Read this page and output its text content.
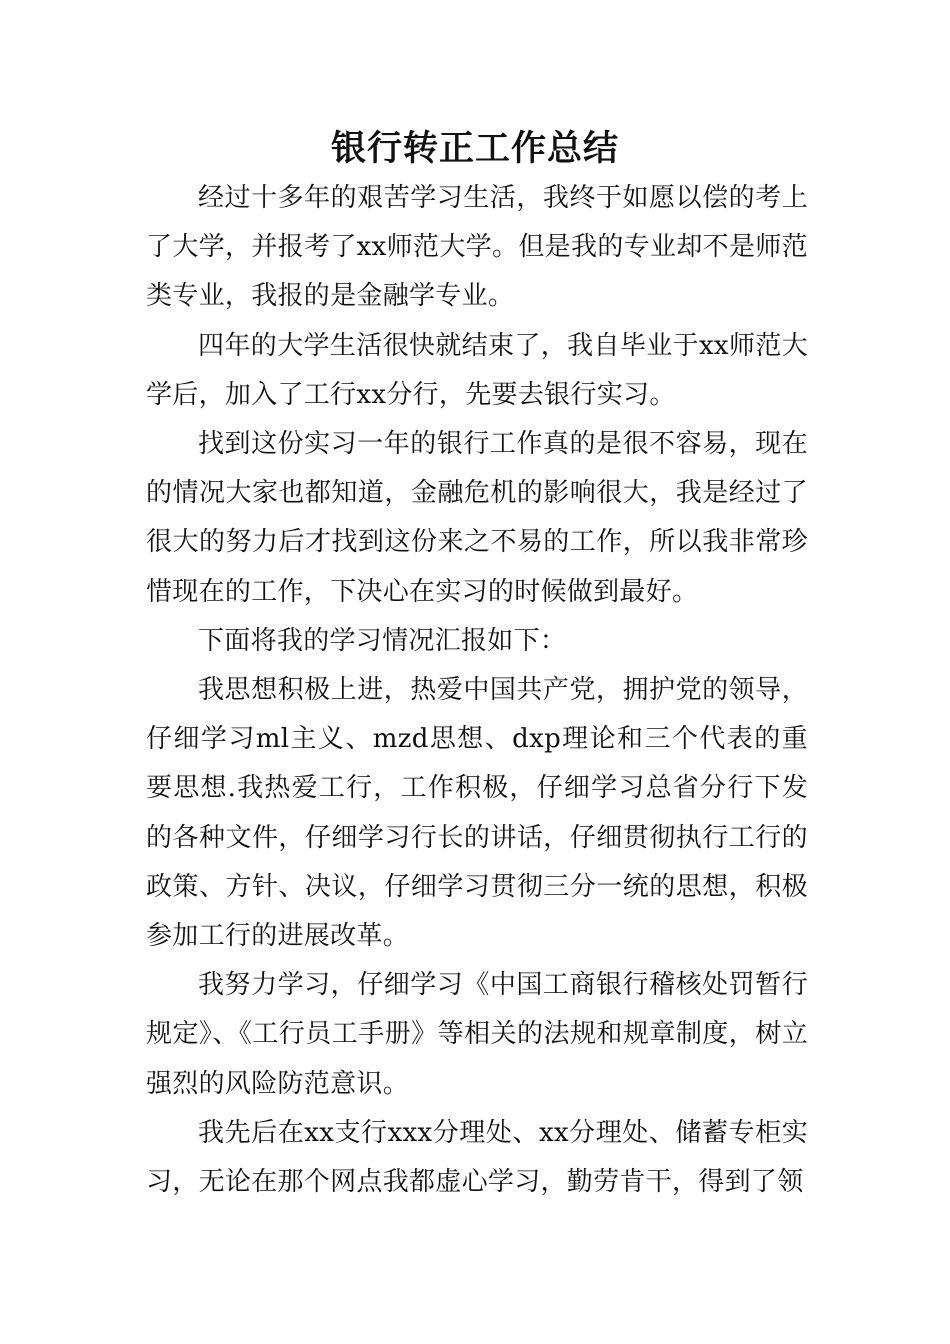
银行转正工作总结

经过十多年的艰苦学习生活，我终于如愿以偿的考上了大学，并报考了xx师范大学。但是我的专业却不是师范类专业，我报的是金融学专业。

四年的大学生活很快就结束了，我自毕业于xx师范大学后，加入了工行xx分行，先要去银行实习。

找到这份实习一年的银行工作真的是很不容易，现在的情况大家也都知道，金融危机的影响很大，我是经过了很大的努力后才找到这份来之不易的工作，所以我非常珍惜现在的工作，下决心在实习的时候做到最好。

下面将我的学习情况汇报如下：

我思想积极上进，热爱中国共产党，拥护党的领导，仔细学习ml主义、mzd思想、dxp理论和三个代表的重要思想.我热爱工行，工作积极，仔细学习总省分行下发的各种文件，仔细学习行长的讲话，仔细贯彻执行工行的政策、方针、决议，仔细学习贯彻三分一统的思想，积极参加工行的进展改革。

我努力学习，仔细学习《中国工商银行稽核处罚暂行规定》、《工行员工手册》等相关的法规和规章制度，树立强烈的风险防范意识。

我先后在xx支行xxx分理处、xx分理处、储蓄专柜实习，无论在那个网点我都虚心学习，勤劳肯干，得到了领
